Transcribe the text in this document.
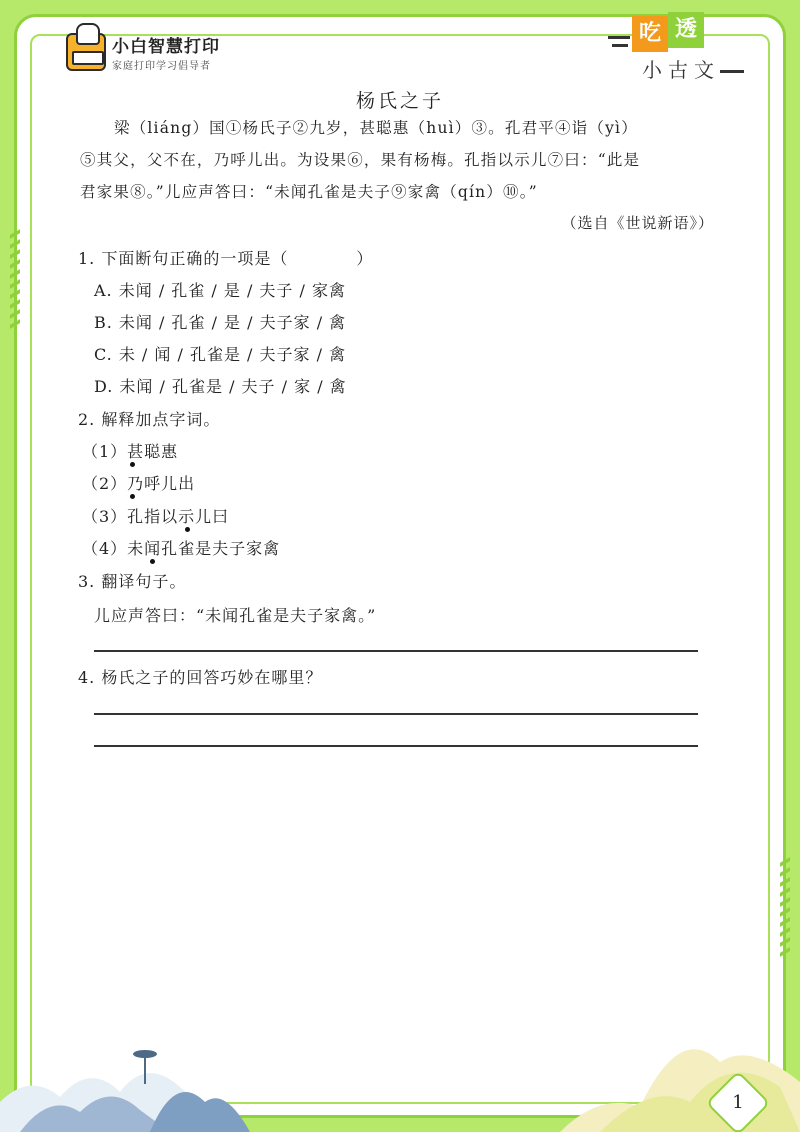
小白智慧打印
家庭打印学习倡导者
吃 透
小古文
杨氏之子
梁（liáng）国①杨氏子②九岁，甚聪惠（huì）③。孔君平④诣（yì）
⑤其父，父不在，乃呼儿出。为设果⑥，果有杨梅。孔指以示儿⑦曰：“此是
君家果⑧。”儿应声答曰：“未闻孔雀是夫子⑨家禽（qín）⑩。”
（选自《世说新语》）
1. 下面断句正确的一项是（　　　　）
A. 未闻 / 孔雀 / 是 / 夫子 / 家禽
B. 未闻 / 孔雀 / 是 / 夫子家 / 禽
C. 未 / 闻 / 孔雀是 / 夫子家 / 禽
D. 未闻 / 孔雀是 / 夫子 / 家 / 禽
2. 解释加点字词。
（1）甚聪惠
（2）乃呼儿出
（3）孔指以示儿曰
（4）未闻孔雀是夫子家禽
3. 翻译句子。
儿应声答曰：“未闻孔雀是夫子家禽。”
4. 杨氏之子的回答巧妙在哪里？
1
